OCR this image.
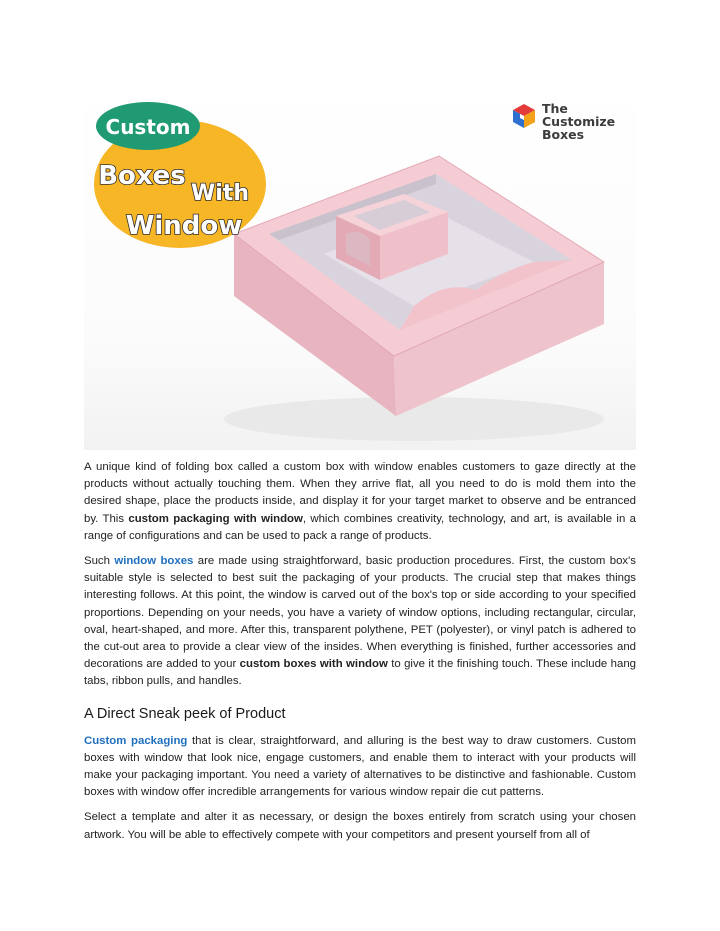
Custom
Boxes
With
Window
The
Customize
Boxes

A unique kind of folding box called a custom box with window enables customers to gaze directly at the products without actually touching them. When they arrive flat, all you need to do is mold them into the desired shape, place the products inside, and display it for your target market to observe and be entranced by. This custom packaging with window, which combines creativity, technology, and art, is available in a range of configurations and can be used to pack a range of products.

Such window boxes are made using straightforward, basic production procedures. First, the custom box's suitable style is selected to best suit the packaging of your products. The crucial step that makes things interesting follows. At this point, the window is carved out of the box's top or side according to your specified proportions. Depending on your needs, you have a variety of window options, including rectangular, circular, oval, heart-shaped, and more. After this, transparent polythene, PET (polyester), or vinyl patch is adhered to the cut-out area to provide a clear view of the insides. When everything is finished, further accessories and decorations are added to your custom boxes with window to give it the finishing touch. These include hang tabs, ribbon pulls, and handles.

A Direct Sneak peek of Product

Custom packaging that is clear, straightforward, and alluring is the best way to draw customers. Custom boxes with window that look nice, engage customers, and enable them to interact with your products will make your packaging important. You need a variety of alternatives to be distinctive and fashionable. Custom boxes with window offer incredible arrangements for various window repair die cut patterns.

Select a template and alter it as necessary, or design the boxes entirely from scratch using your chosen artwork. You will be able to effectively compete with your competitors and present yourself from all of
